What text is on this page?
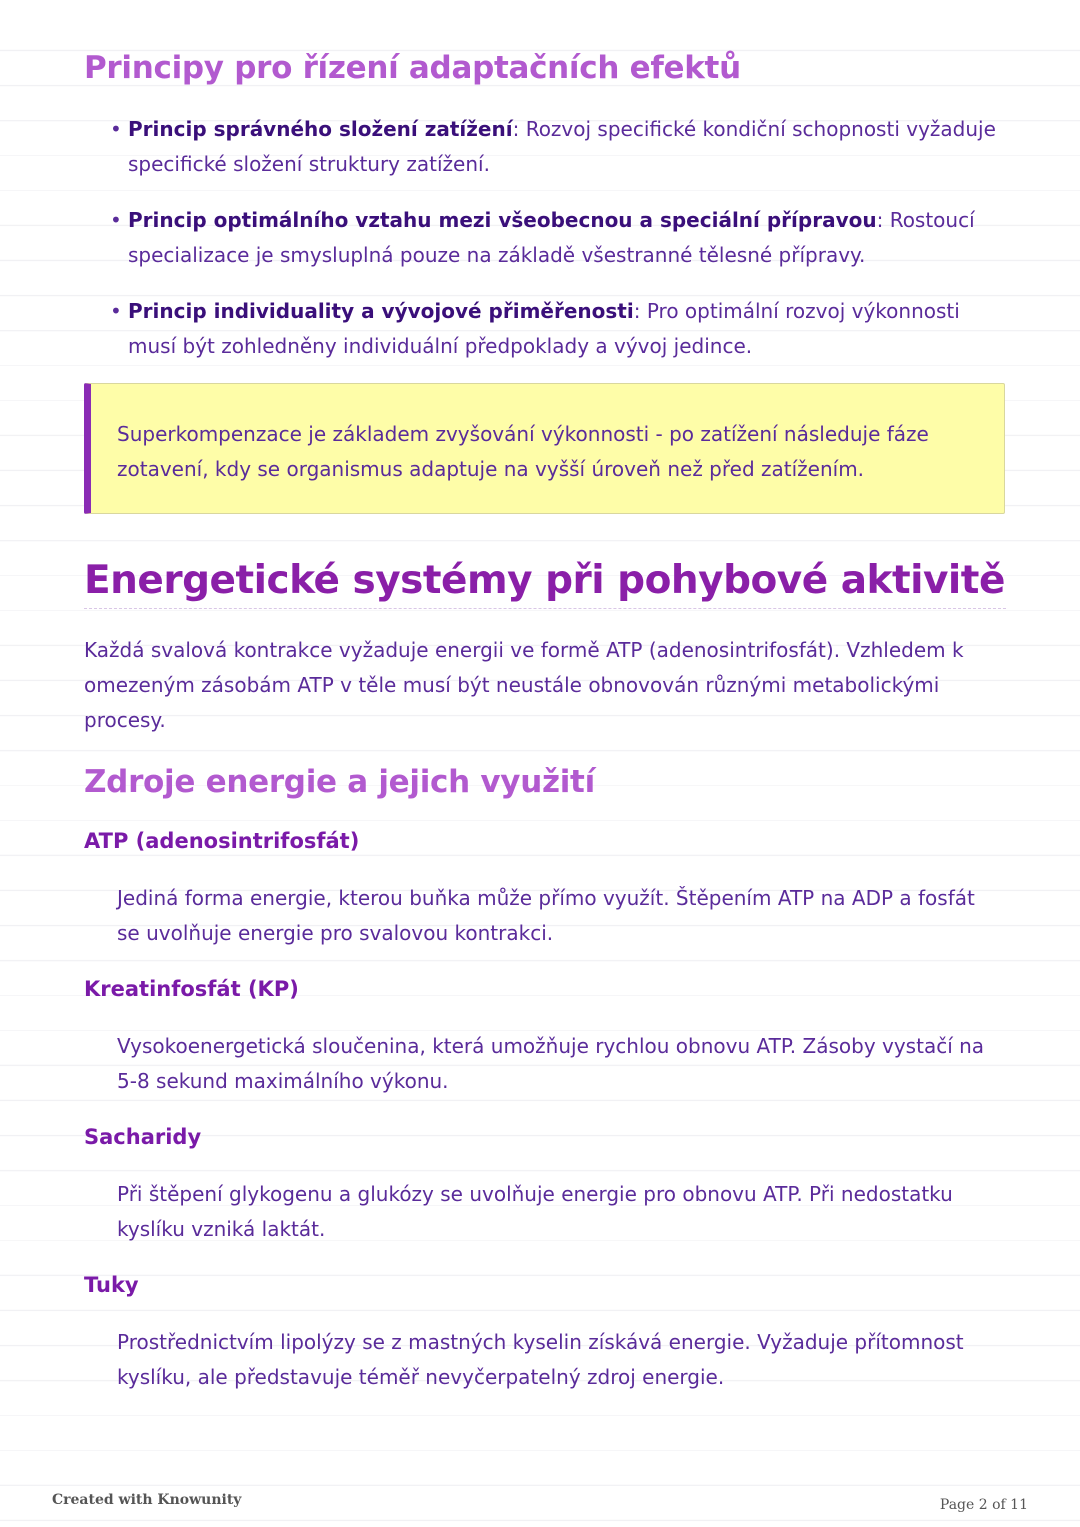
Principy pro řízení adaptačních efektů
• Princip správného složení zatížení: Rozvoj specifické kondiční schopnosti vyžaduje specifické složení struktury zatížení.
• Princip optimálního vztahu mezi všeobecnou a speciální přípravou: Rostoucí specializace je smysluplná pouze na základě všestranné tělesné přípravy.
• Princip individuality a vývojové přiměřenosti: Pro optimální rozvoj výkonnosti musí být zohledněny individuální předpoklady a vývoj jedince.

Superkompenzace je základem zvyšování výkonnosti - po zatížení následuje fáze zotavení, kdy se organismus adaptuje na vyšší úroveň než před zatížením.

Energetické systémy při pohybové aktivitě

Každá svalová kontrakce vyžaduje energii ve formě ATP (adenosintrifosfát). Vzhledem k omezeným zásobám ATP v těle musí být neustále obnovován různými metabolickými procesy.

Zdroje energie a jejich využití
ATP (adenosintrifosfát)

Jediná forma energie, kterou buňka může přímo využít. Štěpením ATP na ADP a fosfát se uvolňuje energie pro svalovou kontrakci.

Kreatinfosfát (KP)

Vysokoenergetická sloučenina, která umožňuje rychlou obnovu ATP. Zásoby vystačí na 5-8 sekund maximálního výkonu.

Sacharidy

Při štěpení glykogenu a glukózy se uvolňuje energie pro obnovu ATP. Při nedostatku kyslíku vzniká laktát.

Tuky

Prostřednictvím lipolýzy se z mastných kyselin získává energie. Vyžaduje přítomnost kyslíku, ale představuje téměř nevyčerpatelný zdroj energie.

Created with Knowunity	Page 2 of 11
